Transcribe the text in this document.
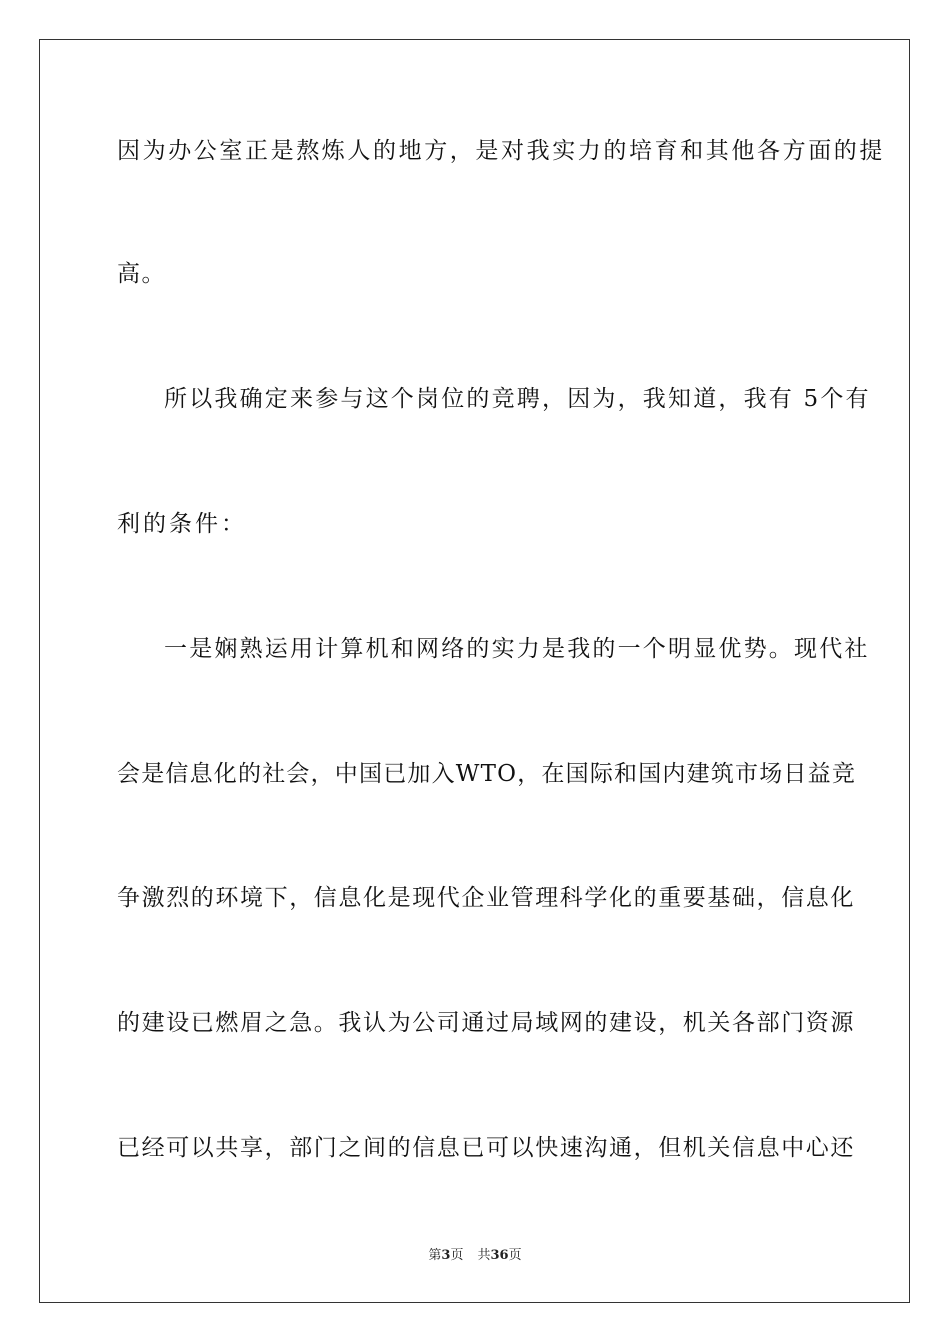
因为办公室正是熬炼人的地方，是对我实力的培育和其他各方面的提
高。
所以我确定来参与这个岗位的竞聘，因为，我知道，我有 5个有
利的条件：
一是娴熟运用计算机和网络的实力是我的一个明显优势。现代社
会是信息化的社会，中国已加入WTO，在国际和国内建筑市场日益竞
争激烈的环境下，信息化是现代企业管理科学化的重要基础，信息化
的建设已燃眉之急。我认为公司通过局域网的建设，机关各部门资源
已经可以共享，部门之间的信息已可以快速沟通，但机关信息中心还
第3页 共36页
